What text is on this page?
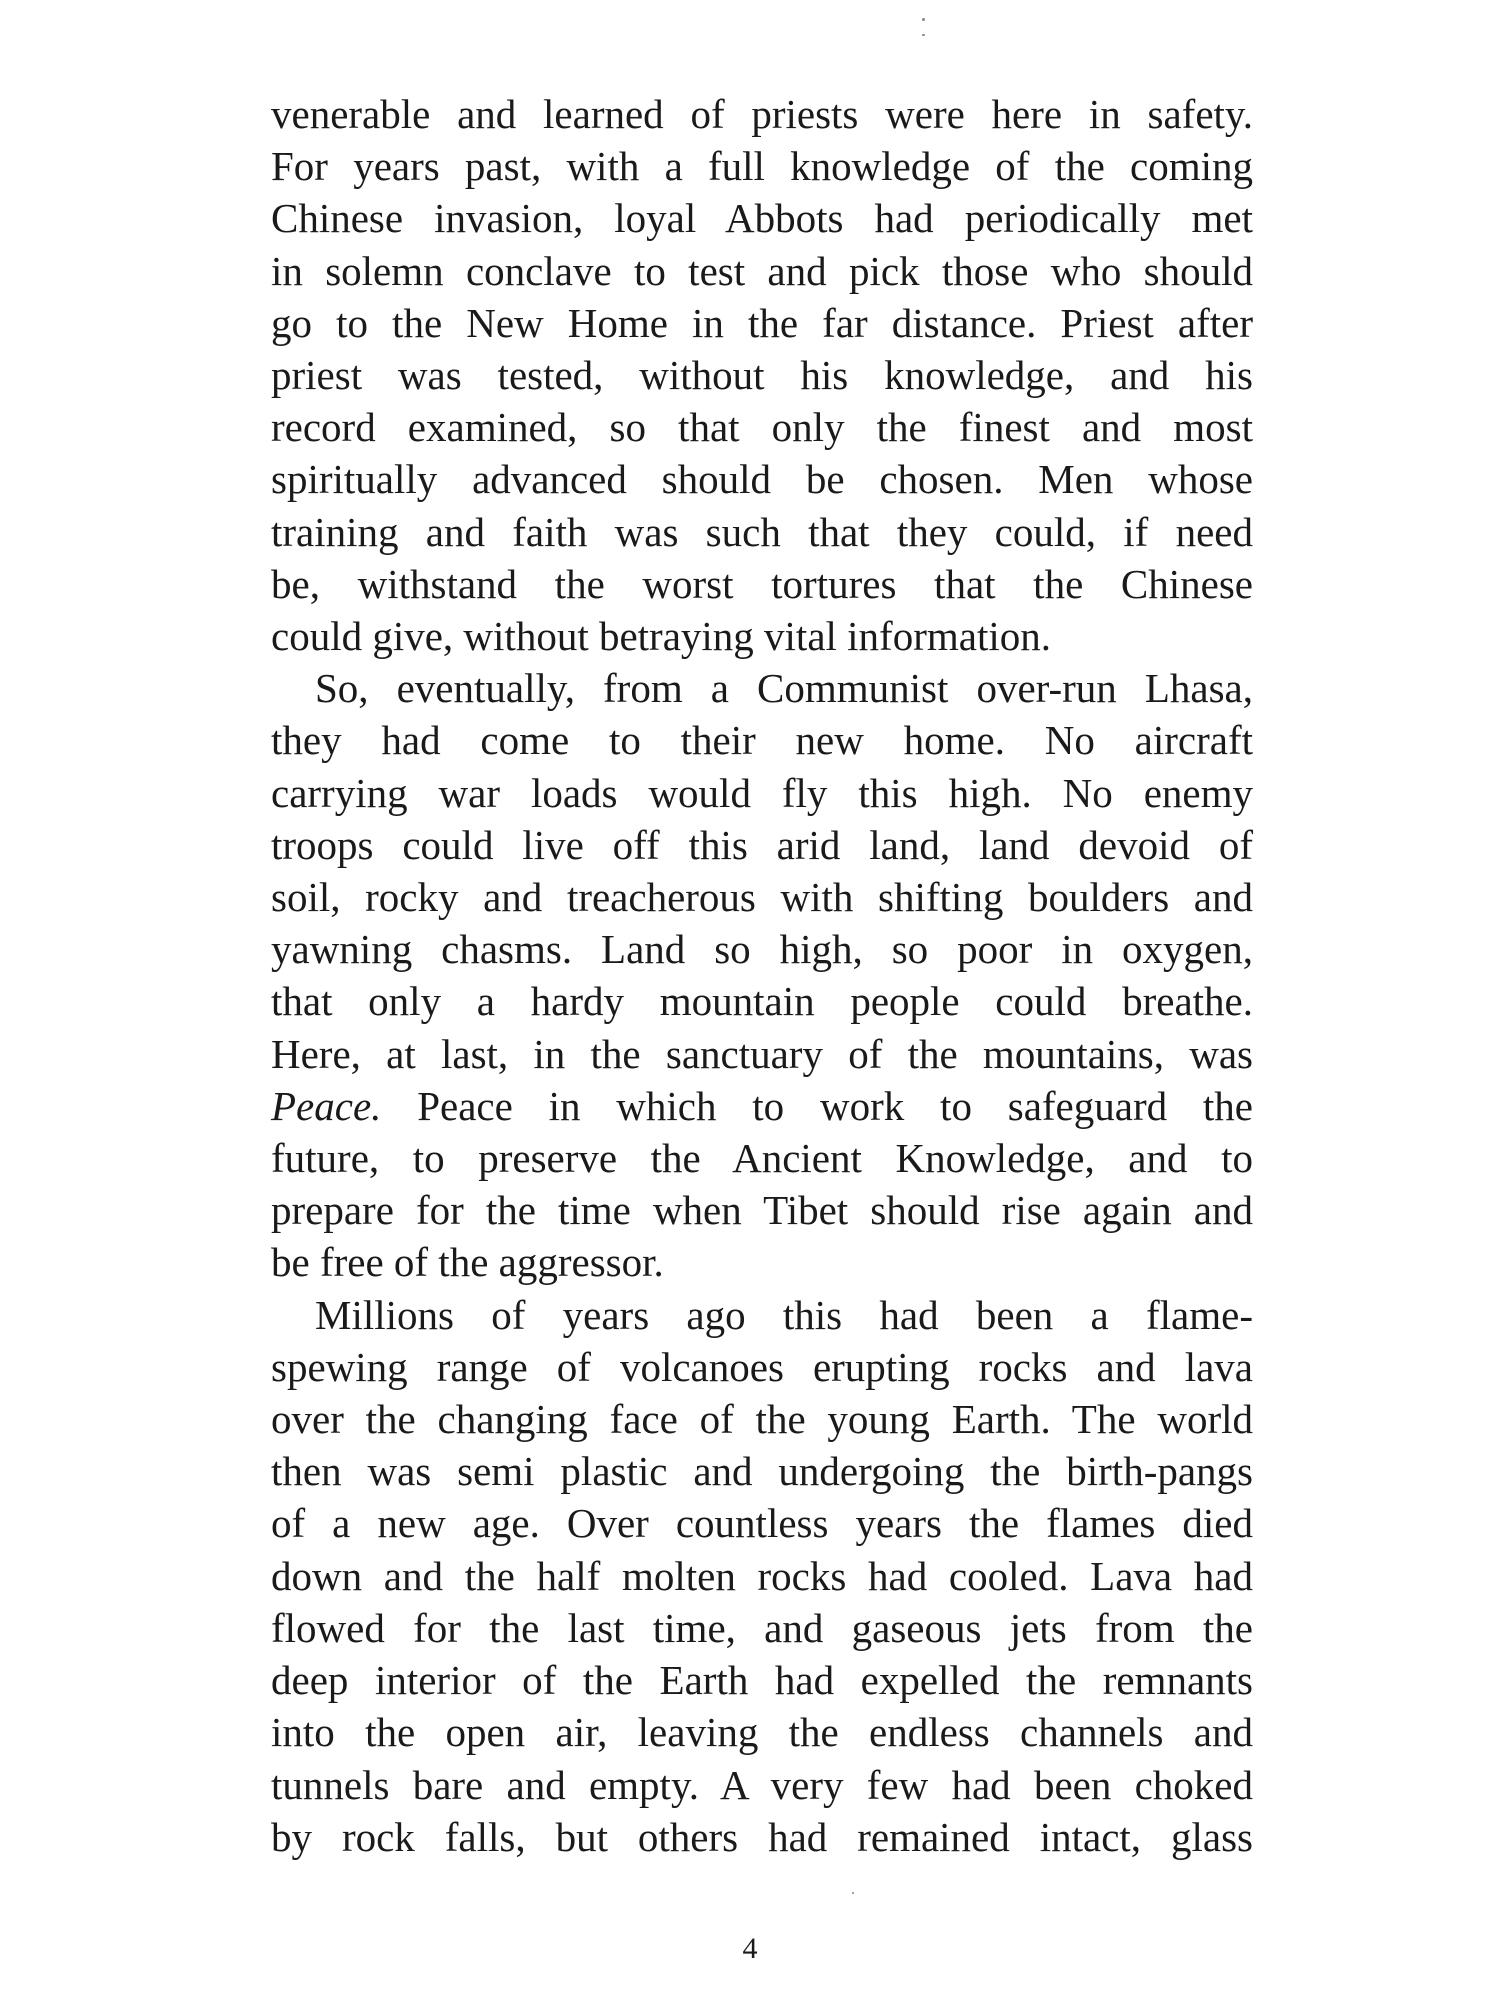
venerable and learned of priests were here in safety.
For years past, with a full knowledge of the coming
Chinese invasion, loyal Abbots had periodically met
in solemn conclave to test and pick those who should
go to the New Home in the far distance. Priest after
priest was tested, without his knowledge, and his
record examined, so that only the finest and most
spiritually advanced should be chosen. Men whose
training and faith was such that they could, if need
be, withstand the worst tortures that the Chinese
could give, without betraying vital information.

So, eventually, from a Communist over-run Lhasa,
they had come to their new home. No aircraft
carrying war loads would fly this high. No enemy
troops could live off this arid land, land devoid of
soil, rocky and treacherous with shifting boulders and
yawning chasms. Land so high, so poor in oxygen,
that only a hardy mountain people could breathe.
Here, at last, in the sanctuary of the mountains, was
Peace. Peace in which to work to safeguard the
future, to preserve the Ancient Knowledge, and to
prepare for the time when Tibet should rise again and
be free of the aggressor.

Millions of years ago this had been a flame-
spewing range of volcanoes erupting rocks and lava
over the changing face of the young Earth. The world
then was semi plastic and undergoing the birth-pangs
of a new age. Over countless years the flames died
down and the half molten rocks had cooled. Lava had
flowed for the last time, and gaseous jets from the
deep interior of the Earth had expelled the remnants
into the open air, leaving the endless channels and
tunnels bare and empty. A very few had been choked
by rock falls, but others had remained intact, glass

4
